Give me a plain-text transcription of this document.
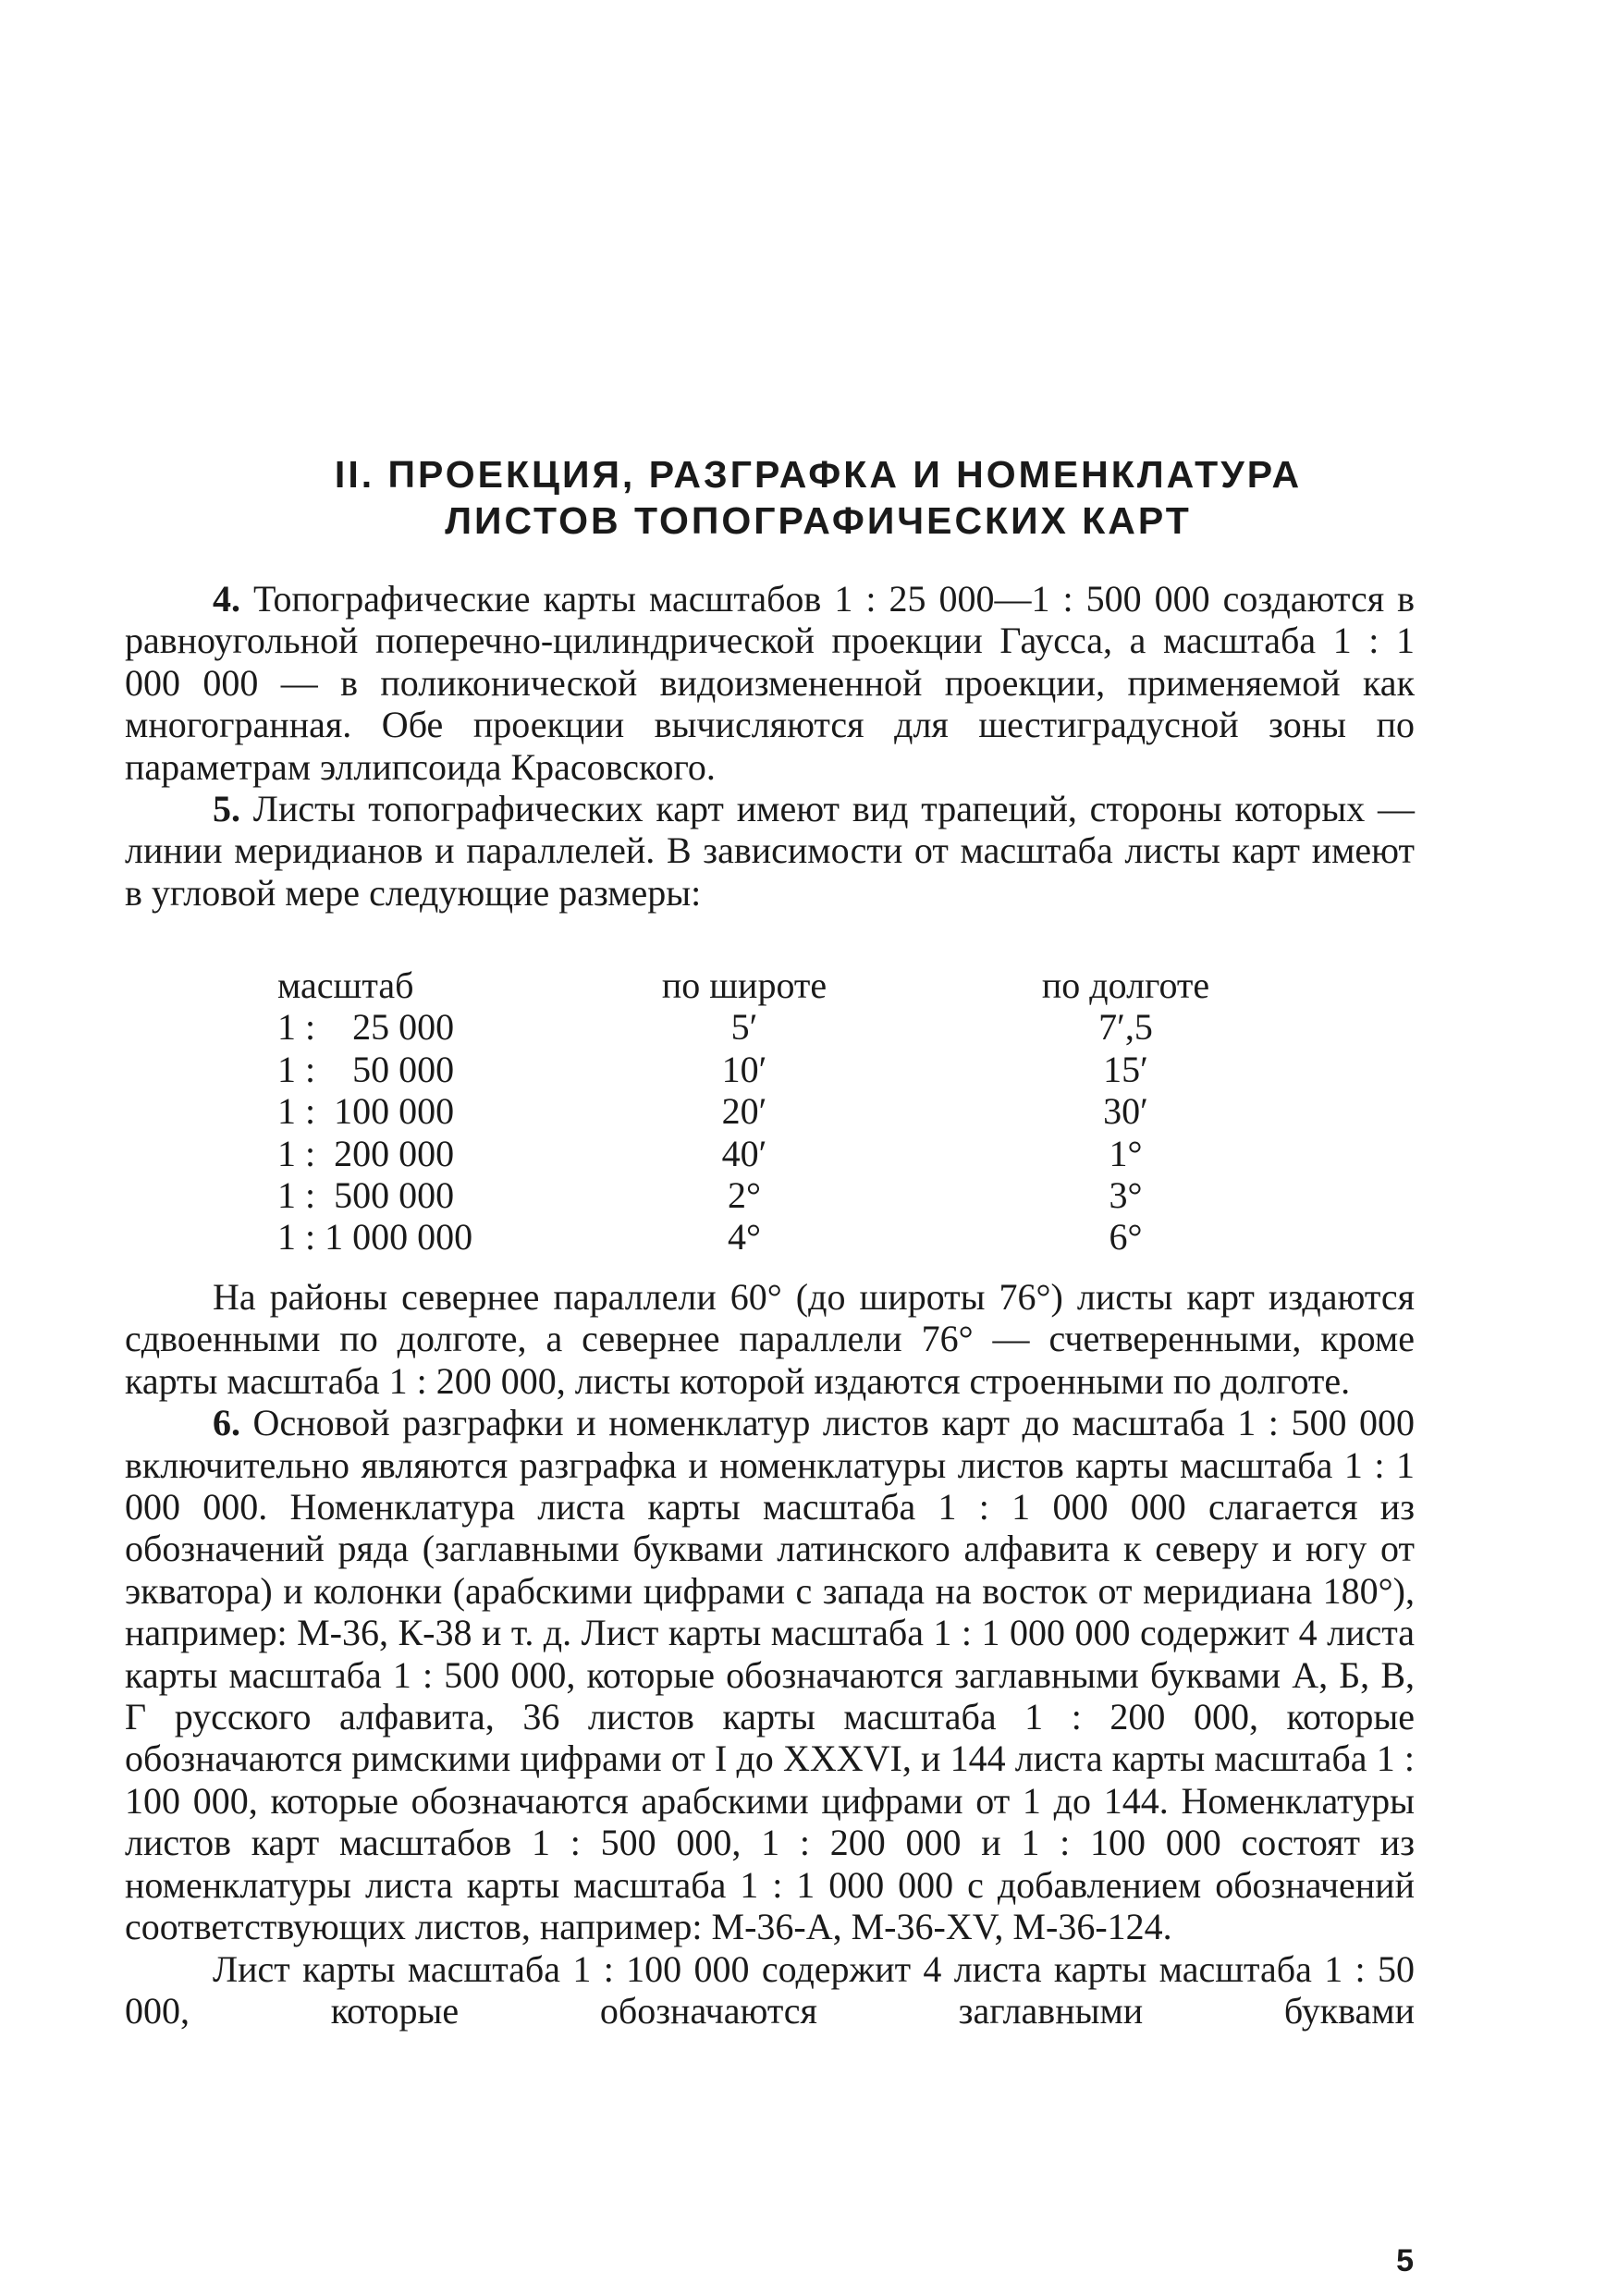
II. ПРОЕКЦИЯ, РАЗГРАФКА И НОМЕНКЛАТУРА
ЛИСТОВ ТОПОГРАФИЧЕСКИХ КАРТ

4. Топографические карты масштабов 1 : 25 000—1 : 500 000 создаются в равноугольной поперечно-цилиндрической проекции Гаусса, а масштаба 1 : 1 000 000 — в поликонической видоизмененной проекции, применяемой как многогранная. Обе проекции вычисляются для шестиградусной зоны по параметрам эллипсоида Красовского.

5. Листы топографических карт имеют вид трапеций, стороны которых — линии меридианов и параллелей. В зависимости от масштаба листы карт имеют в угловой мере следующие размеры:

масштаб	по широте	по долготе
1 :    25 000	5′	7′,5
1 :    50 000	10′	15′
1 :  100 000	20′	30′
1 :  200 000	40′	1°
1 :  500 000	2°	3°
1 : 1 000 000	4°	6°

На районы севернее параллели 60° (до широты 76°) листы карт издаются сдвоенными по долготе, а севернее параллели 76° — счетверенными, кроме карты масштаба 1 : 200 000, листы которой издаются строенными по долготе.

6. Основой разграфки и номенклатур листов карт до масштаба 1 : 500 000 включительно являются разграфка и номенклатуры листов карты масштаба 1 : 1 000 000. Номенклатура листа карты масштаба 1 : 1 000 000 слагается из обозначений ряда (заглавными буквами латинского алфавита к северу и югу от экватора) и колонки (арабскими цифрами с запада на восток от меридиана 180°), например: М-36, К-38 и т. д. Лист карты масштаба 1 : 1 000 000 содержит 4 листа карты масштаба 1 : 500 000, которые обозначаются заглавными буквами А, Б, В, Г русского алфавита, 36 листов карты масштаба 1 : 200 000, которые обозначаются римскими цифрами от I до XXXVI, и 144 листа карты масштаба 1 : 100 000, которые обозначаются арабскими цифрами от 1 до 144. Номенклатуры листов карт масштабов 1 : 500 000, 1 : 200 000 и 1 : 100 000 состоят из номенклатуры листа карты масштаба 1 : 1 000 000 с добавлением обозначений соответствующих листов, например: М-36-А, М-36-XV, М-36-124.

Лист карты масштаба 1 : 100 000 содержит 4 листа карты масштаба 1 : 50 000, которые обозначаются заглавными буквами

5
